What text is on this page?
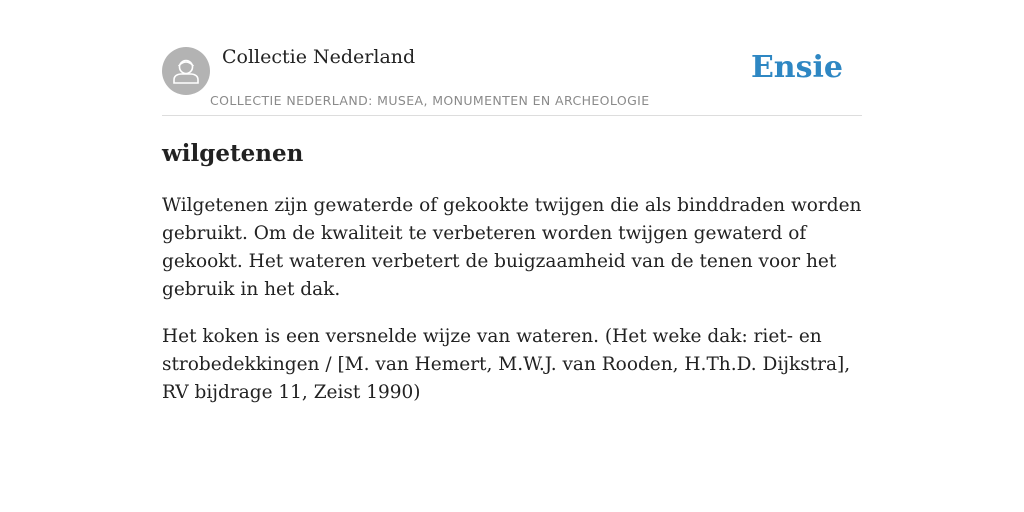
Collectie Nederland
COLLECTIE NEDERLAND: MUSEA, MONUMENTEN EN ARCHEOLOGIE
Ensie
wilgetenen

Wilgetenen zijn gewaterde of gekookte twijgen die als binddraden worden gebruikt. Om de kwaliteit te verbeteren worden twijgen gewaterd of gekookt. Het wateren verbetert de buigzaamheid van de tenen voor het gebruik in het dak.

Het koken is een versnelde wijze van wateren. (Het weke dak: riet- en strobedekkingen / [M. van Hemert, M.W.J. van Rooden, H.Th.D. Dijkstra], RV bijdrage 11, Zeist 1990)
